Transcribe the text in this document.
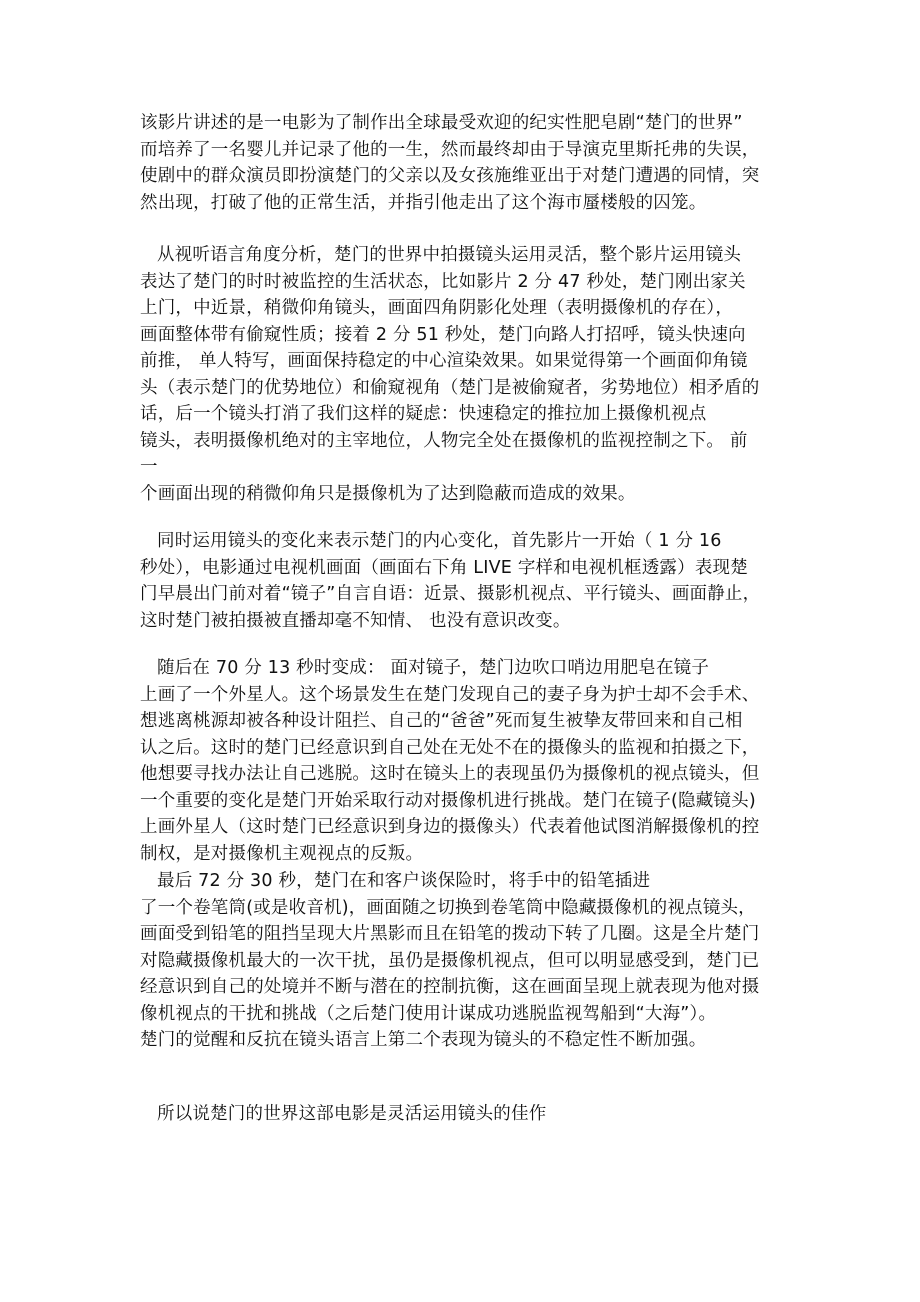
该影片讲述的是一电影为了制作出全球最受欢迎的纪实性肥皂剧“楚门的世界”
而培养了一名婴儿并记录了他的一生，然而最终却由于导演克里斯托弗的失误，
使剧中的群众演员即扮演楚门的父亲以及女孩施维亚出于对楚门遭遇的同情，突
然出现，打破了他的正常生活，并指引他走出了这个海市蜃楼般的囚笼。
从视听语言角度分析，楚门的世界中拍摄镜头运用灵活，整个影片运用镜头
表达了楚门的时时被监控的生活状态，比如影片 2 分 47 秒处，楚门刚出家关
上门，中近景，稍微仰角镜头，画面四角阴影化处理（表明摄像机的存在），
画面整体带有偷窥性质；接着 2 分 51 秒处，楚门向路人打招呼，镜头快速向
前推， 单人特写，画面保持稳定的中心渲染效果。如果觉得第一个画面仰角镜
头（表示楚门的优势地位）和偷窥视角（楚门是被偷窥者，劣势地位）相矛盾的
话，后一个镜头打消了我们这样的疑虑：快速稳定的推拉加上摄像机视点
镜头，表明摄像机绝对的主宰地位，人物完全处在摄像机的监视控制之下。 前
一
个画面出现的稍微仰角只是摄像机为了达到隐蔽而造成的效果。
同时运用镜头的变化来表示楚门的内心变化，首先影片一开始（ 1 分 16
秒处），电影通过电视机画面（画面右下角 LIVE 字样和电视机框透露）表现楚
门早晨出门前对着“镜子”自言自语：近景、摄影机视点、平行镜头、画面静止，
这时楚门被拍摄被直播却毫不知情、 也没有意识改变。
随后在 70 分 13 秒时变成： 面对镜子，楚门边吹口哨边用肥皂在镜子
上画了一个外星人。这个场景发生在楚门发现自己的妻子身为护士却不会手术、
想逃离桃源却被各种设计阻拦、自己的“爸爸”死而复生被挚友带回来和自己相
认之后。这时的楚门已经意识到自己处在无处不在的摄像头的监视和拍摄之下，
他想要寻找办法让自己逃脱。这时在镜头上的表现虽仍为摄像机的视点镜头，但
一个重要的变化是楚门开始采取行动对摄像机进行挑战。楚门在镜子(隐藏镜头)
上画外星人（这时楚门已经意识到身边的摄像头）代表着他试图消解摄像机的控
制权，是对摄像机主观视点的反叛。
最后 72 分 30 秒，楚门在和客户谈保险时，将手中的铅笔插进
了一个卷笔筒(或是收音机)，画面随之切换到卷笔筒中隐藏摄像机的视点镜头，
画面受到铅笔的阻挡呈现大片黑影而且在铅笔的拨动下转了几圈。这是全片楚门
对隐藏摄像机最大的一次干扰，虽仍是摄像机视点，但可以明显感受到，楚门已
经意识到自己的处境并不断与潜在的控制抗衡，这在画面呈现上就表现为他对摄
像机视点的干扰和挑战（之后楚门使用计谋成功逃脱监视驾船到“大海”）。
楚门的觉醒和反抗在镜头语言上第二个表现为镜头的不稳定性不断加强。
所以说楚门的世界这部电影是灵活运用镜头的佳作
